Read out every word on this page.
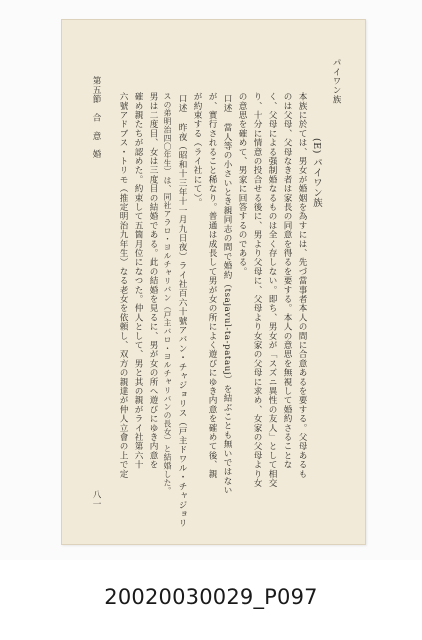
パイワン族
(E) パイワン族
本族に於ては、男女が婚姻を為すには、先づ當事者本人の間に合意あるを要する。父母あるも
のは父母、父母なき者は家長の同意を得るを要する。本人の意思を無視して婚約さることな
く、父母による强制婚なるものは全く存しない。即ち、男女が「スズニ異性の友人」として相交
り、十分に情意の投合せる後に、男より父母に、父母より女家の父母に求め、女家の父母より女
の意思を確めて、男家に回答するのである。
口述
當人等の小さいとき親同志の間で婚約（tsajavul-ta-patauj）を結ぶことも無いではない
が、實行されること稀なり。普通は成長して男が女の所によく遊びにゆき内意を確めて後、親
が約束する（ライ社にて）。
口述
昨夜（昭和十三年十一月九日夜）ライ社百六十號アバン・チャジョリス（戸主ドワル・チャジョリ
スの弟明治四〇年生）は、同社アラロ・ヨルチャリバン（戸主バロ・ヨルチャリバンの長女）と結婚した。
男は二度目、女は三度目の結婚である。此の結婚を見るに、男が女の所へ遊びにゆき内意を
確め親たちが認めた。約束して五箇月位になつた。仲人として、男と其の親がライ社第六十
六號アドブス・トリモ（推定明治九年生）なる老女を依頼し、双方の親達が仲人立會の上で定
第五節　合　意　婚
八一
20020030029_P097
